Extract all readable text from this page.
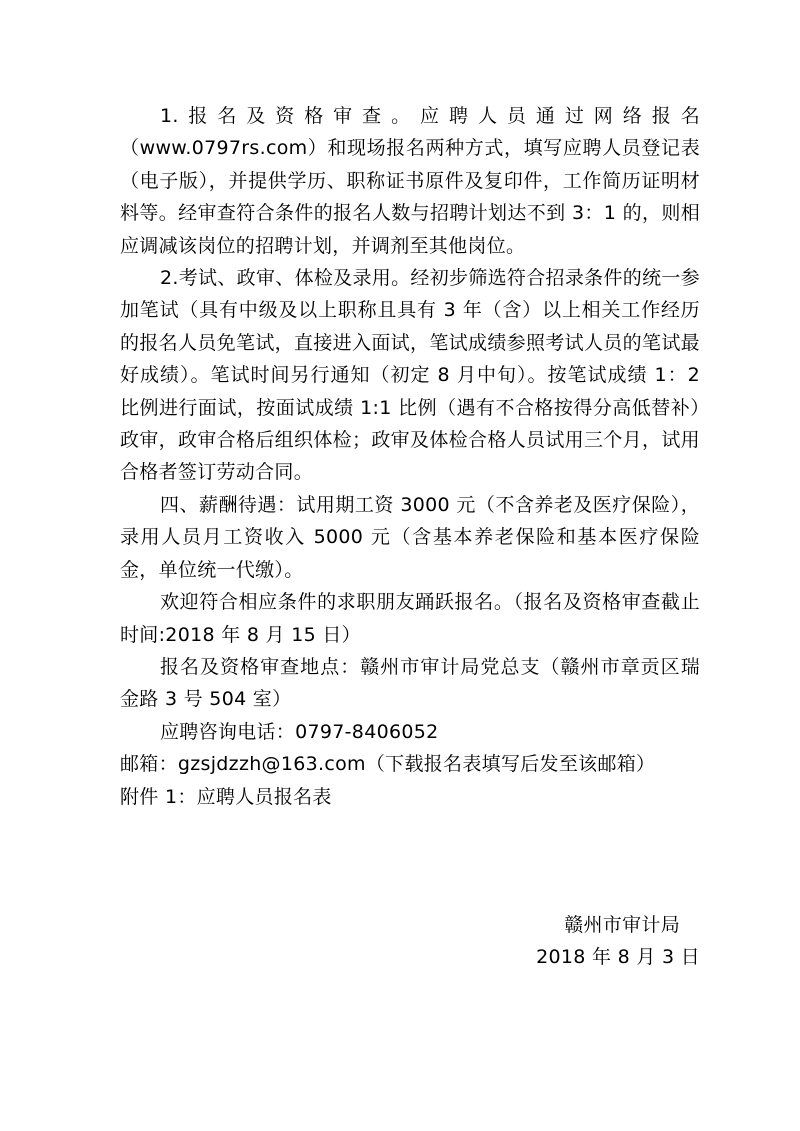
1.报名及资格审查。应聘人员通过网络报名（www.0797rs.com）和现场报名两种方式，填写应聘人员登记表（电子版），并提供学历、职称证书原件及复印件，工作简历证明材料等。经审查符合条件的报名人数与招聘计划达不到 3：1 的，则相应调减该岗位的招聘计划，并调剂至其他岗位。

2.考试、政审、体检及录用。经初步筛选符合招录条件的统一参加笔试（具有中级及以上职称且具有 3 年（含）以上相关工作经历的报名人员免笔试，直接进入面试，笔试成绩参照考试人员的笔试最好成绩）。笔试时间另行通知（初定 8 月中旬）。按笔试成绩 1：2 比例进行面试，按面试成绩 1:1 比例（遇有不合格按得分高低替补）政审，政审合格后组织体检；政审及体检合格人员试用三个月，试用合格者签订劳动合同。

四、薪酬待遇：试用期工资 3000 元（不含养老及医疗保险），录用人员月工资收入 5000 元（含基本养老保险和基本医疗保险金，单位统一代缴）。

欢迎符合相应条件的求职朋友踊跃报名。（报名及资格审查截止时间:2018 年 8 月 15 日）

报名及资格审查地点：赣州市审计局党总支（赣州市章贡区瑞金路 3 号 504 室）

应聘咨询电话：0797-8406052

邮箱：gzsjdzzh@163.com（下载报名表填写后发至该邮箱）

附件 1：应聘人员报名表

赣州市审计局
2018 年 8 月 3 日
